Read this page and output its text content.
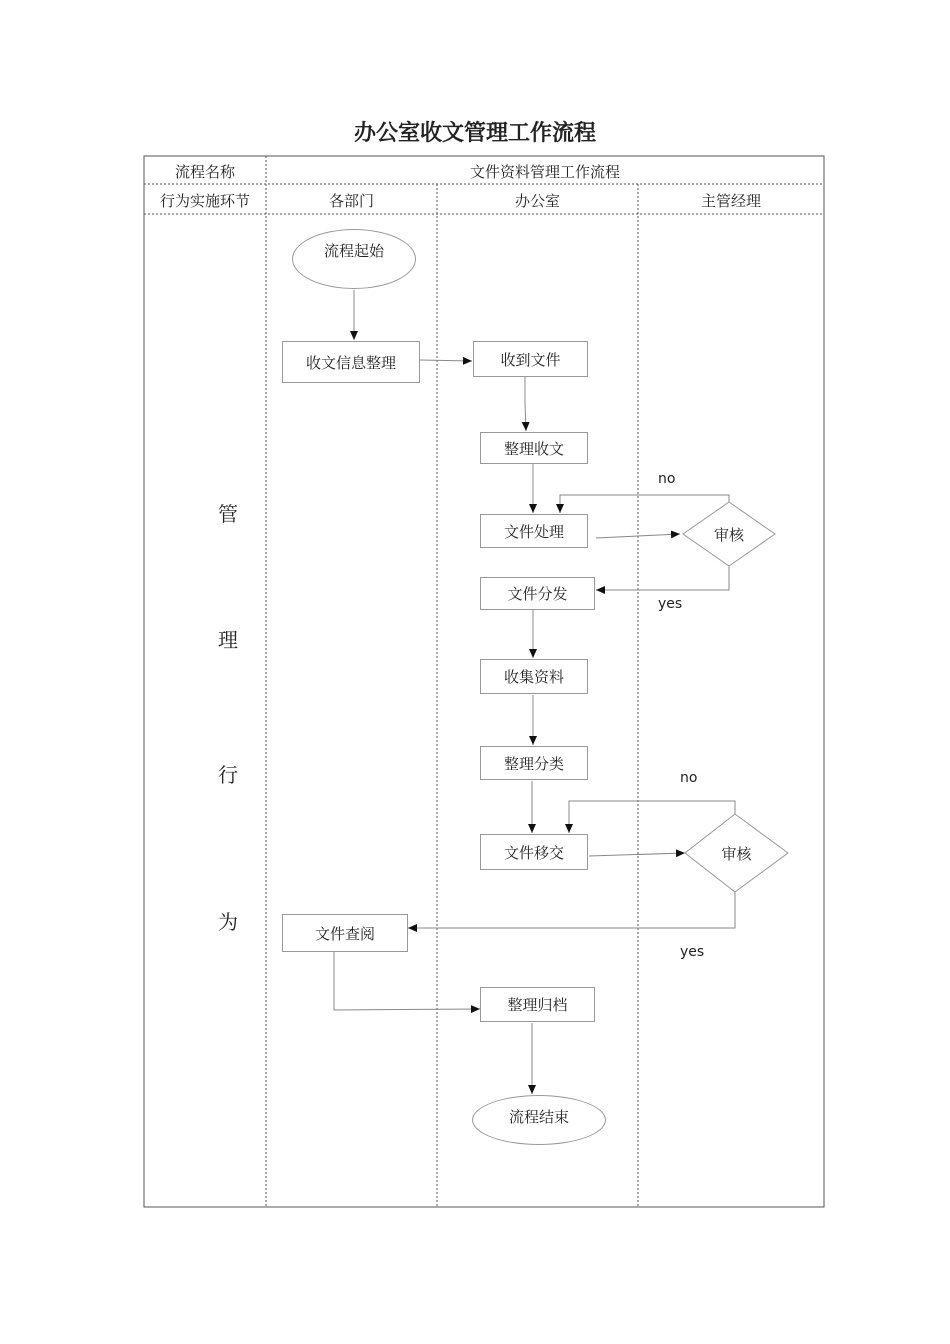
办公室收文管理工作流程
流程名称	文件资料管理工作流程
行为实施环节	各部门	办公室	主管经理
管
理
行
为
流程起始
收文信息整理	收到文件
整理收文
文件处理	审核
文件分发
收集资料
整理分类
文件移交	审核
文件查阅
整理归档
流程结束
no
yes
no
yes
